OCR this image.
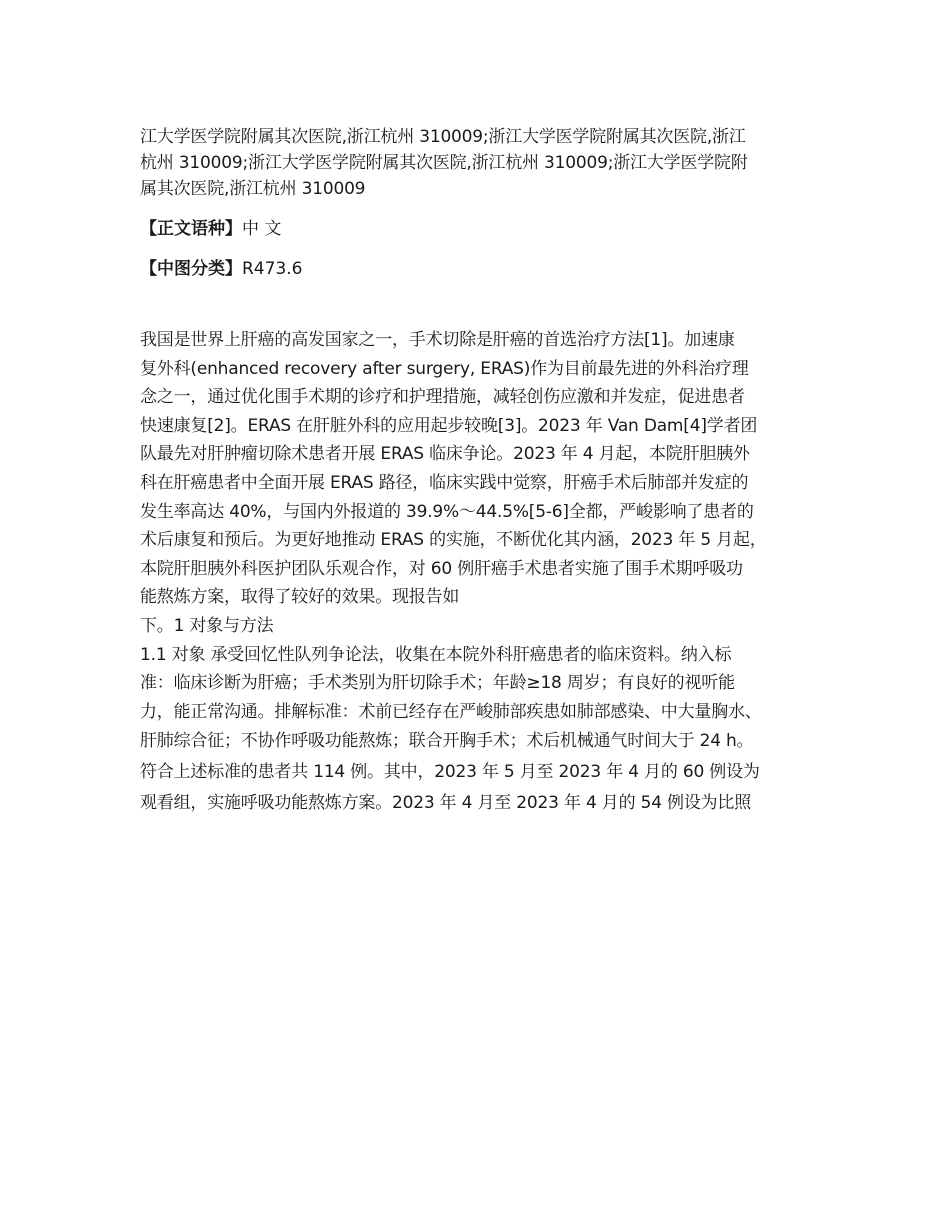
江大学医学院附属其次医院,浙江杭州 310009;浙江大学医学院附属其次医院,浙江
杭州 310009;浙江大学医学院附属其次医院,浙江杭州 310009;浙江大学医学院附
属其次医院,浙江杭州 310009
【正文语种】中 文
【中图分类】R473.6
我国是世界上肝癌的高发国家之一，手术切除是肝癌的首选治疗方法[1]。加速康
复外科(enhanced recovery after surgery, ERAS)作为目前最先进的外科治疗理
念之一，通过优化围手术期的诊疗和护理措施，减轻创伤应激和并发症，促进患者
快速康复[2]。ERAS 在肝脏外科的应用起步较晚[3]。2023 年 Van Dam[4]学者团
队最先对肝肿瘤切除术患者开展 ERAS 临床争论。2023 年 4 月起，本院肝胆胰外
科在肝癌患者中全面开展 ERAS 路径，临床实践中觉察，肝癌手术后肺部并发症的
发生率高达 40%，与国内外报道的 39.9%～44.5%[5-6]全都，严峻影响了患者的
术后康复和预后。为更好地推动 ERAS 的实施，不断优化其内涵，2023 年 5 月起，
本院肝胆胰外科医护团队乐观合作，对 60 例肝癌手术患者实施了围手术期呼吸功
能熬炼方案，取得了较好的效果。现报告如
下。1 对象与方法
1.1 对象 承受回忆性队列争论法，收集在本院外科肝癌患者的临床资料。纳入标
准：临床诊断为肝癌；手术类别为肝切除手术；年龄≥18 周岁；有良好的视听能
力，能正常沟通。排解标准：术前已经存在严峻肺部疾患如肺部感染、中大量胸水、
肝肺综合征；不协作呼吸功能熬炼；联合开胸手术；术后机械通气时间大于 24 h。
符合上述标准的患者共 114 例。其中，2023 年 5 月至 2023 年 4 月的 60 例设为
观看组，实施呼吸功能熬炼方案。2023 年 4 月至 2023 年 4 月的 54 例设为比照
